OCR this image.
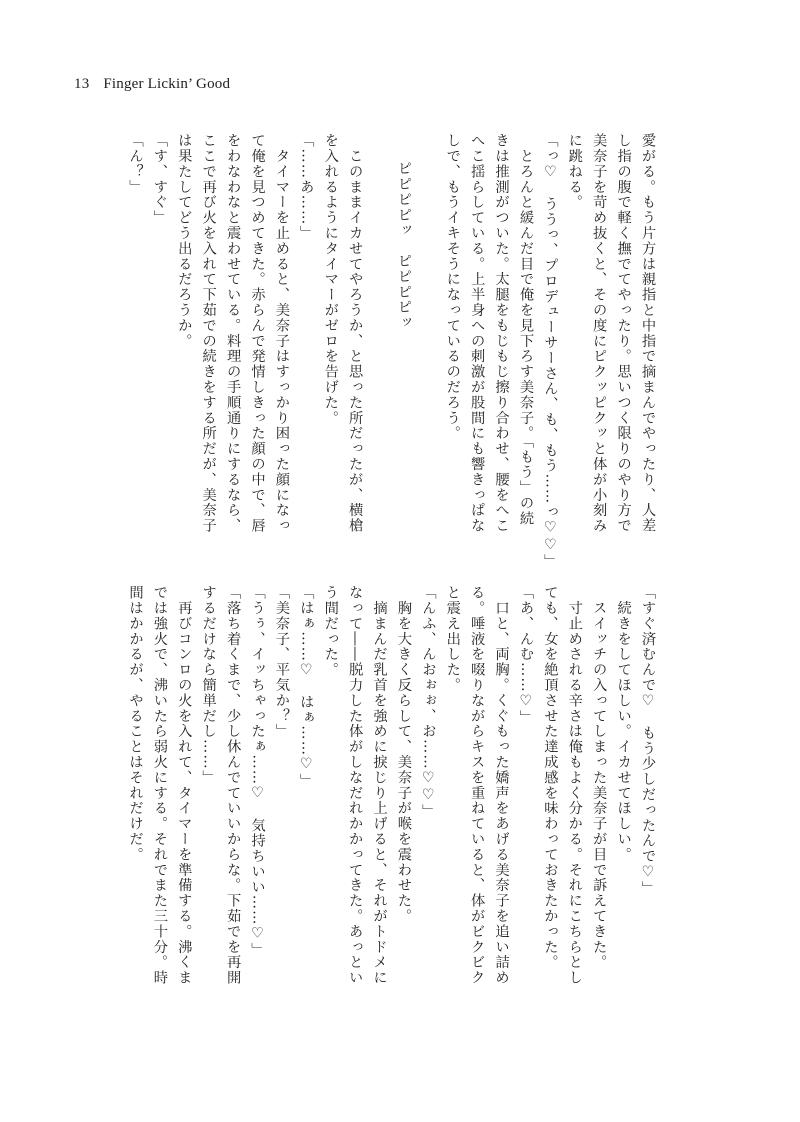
13 Finger Lickin’ Good

愛がる。もう片方は親指と中指で摘まんでやったり、人差

し指の腹で軽く撫でてやったり。思いつく限りのやり方で

美奈子を苛め抜くと、その度にピクッピクッと体が小刻み

に跳ねる。

「っ♡　ううっ、プロデューサーさん、も、もう……っ♡♡」

　とろんと緩んだ目で俺を見下ろす美奈子。「もう」の続

きは推測がついた。太腿をもじもじ擦り合わせ、腰をへこ

へこ揺らしている。上半身への刺激が股間にも響きっぱな

しで、もうイキそうになっているのだろう。

ピピピピッ　ピピピピッ

　このままイカせてやろうか、と思った所だったが、横槍

を入れるようにタイマーがゼロを告げた。

「……あ……」

　タイマーを止めると、美奈子はすっかり困った顔になっ

て俺を見つめてきた。赤らんで発情しきった顔の中で、唇

をわなわなと震わせている。料理の手順通りにするなら、

ここで再び火を入れて下茹での続きをする所だが、美奈子

は果たしてどう出るだろうか。

「す、すぐ」

「ん？」

「すぐ済むんで♡　もう少しだったんで♡」

　続きをしてほしい。イカせてほしい。

　スイッチの入ってしまった美奈子が目で訴えてきた。

　寸止めされる辛さは俺もよく分かる。それにこちらとし

ても、女を絶頂させた達成感を味わっておきたかった。

「あ、んむ……♡」

　口と、両胸。くぐもった嬌声をあげる美奈子を追い詰め

る。唾液を啜りながらキスを重ねていると、体がビクビク

と震え出した。

「んふ、んおぉぉ、お……♡♡」

　胸を大きく反らして、美奈子が喉を震わせた。

　摘まんだ乳首を強めに捩じり上げると、それがトドメに

なって――脱力した体がしなだれかかってきた。あっとい

う間だった。

「はぁ……♡　はぁ……♡」

「美奈子、平気か？」

「うぅ、イッちゃったぁ……♡　気持ちいい……♡」

「落ち着くまで、少し休んでていいからな。下茹でを再開

するだけなら簡単だし……」

　再びコンロの火を入れて、タイマーを準備する。沸くま

では強火で、沸いたら弱火にする。それでまた三十分。時

間はかかるが、やることはそれだけだ。
